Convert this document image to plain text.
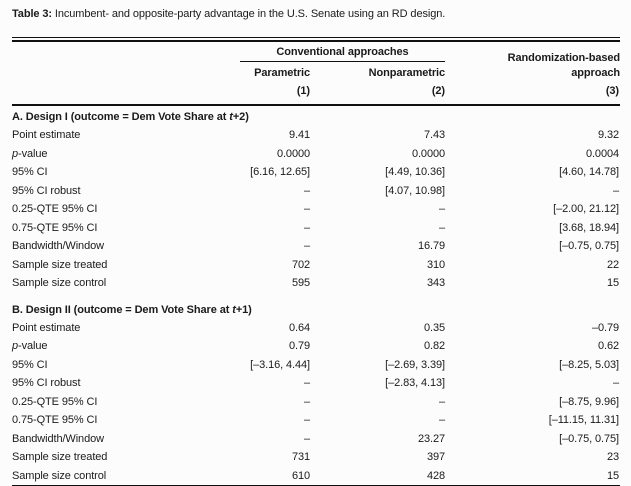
Table 3: Incumbent- and opposite-party advantage in the U.S. Senate using an RD design.

	Conventional approaches		Randomization-based approach

	Parametric	Nonparametric	
	(1)	(2)	(3)
A. Design I (outcome = Dem Vote Share at t+2)			
Point estimate	9.41	7.43	9.32
p-value	0.0000	0.0000	0.0004
95% CI	[6.16, 12.65]	[4.49, 10.36]	[4.60, 14.78]
95% CI robust	–	[4.07, 10.98]	–
0.25-QTE 95% CI	–	–	[–2.00, 21.12]
0.75-QTE 95% CI	–	–	[3.68, 18.94]
Bandwidth/Window	–	16.79	[–0.75, 0.75]
Sample size treated	702	310	22
Sample size control	595	343	15
B. Design II (outcome = Dem Vote Share at t+1)			
Point estimate	0.64	0.35	–0.79
p-value	0.79	0.82	0.62
95% CI	[–3.16, 4.44]	[–2.69, 3.39]	[–8.25, 5.03]
95% CI robust	–	[–2.83, 4.13]	–
0.25-QTE 95% CI	–	–	[–8.75, 9.96]
0.75-QTE 95% CI	–	–	[–11.15, 11.31]
Bandwidth/Window	–	23.27	[–0.75, 0.75]
Sample size treated	731	397	23
Sample size control	610	428	15
